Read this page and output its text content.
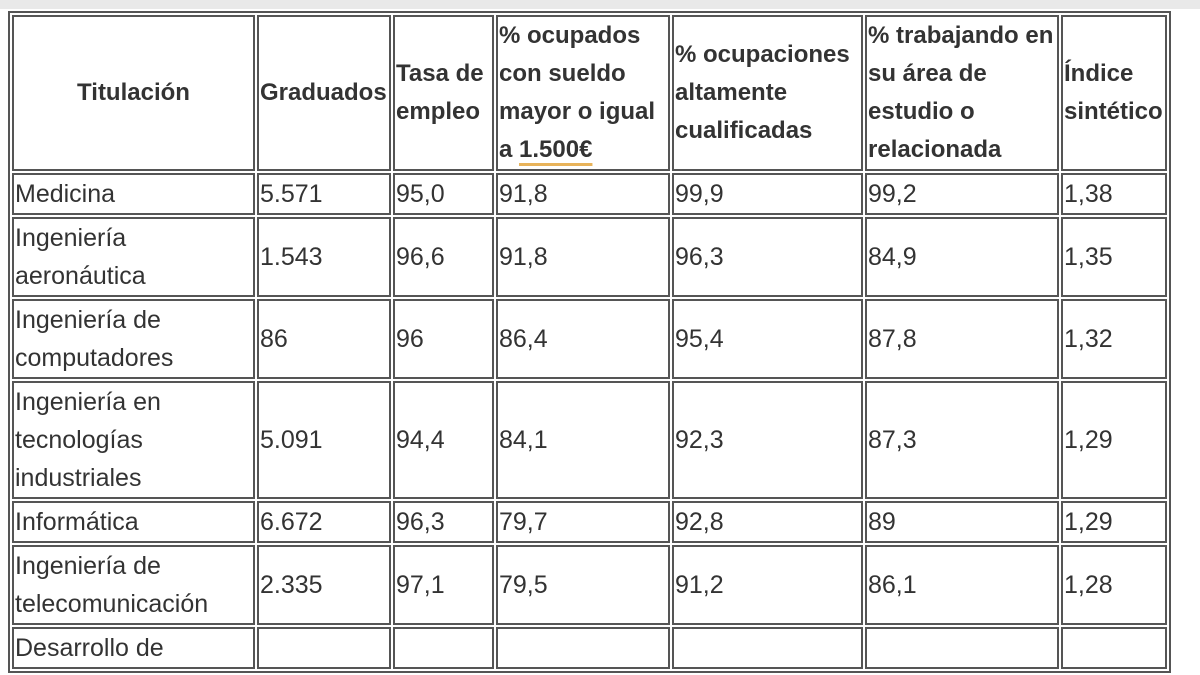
Titulación	Graduados	Tasa de empleo	% ocupados con sueldo mayor o igual a 1.500€	% ocupaciones altamente cualificadas	% trabajando en su área de estudio o relacionada	Índice sintético
Medicina	5.571	95,0	91,8	99,9	99,2	1,38
Ingeniería aeronáutica	1.543	96,6	91,8	96,3	84,9	1,35
Ingeniería de computadores	86	96	86,4	95,4	87,8	1,32
Ingeniería en tecnologías industriales	5.091	94,4	84,1	92,3	87,3	1,29
Informática	6.672	96,3	79,7	92,8	89	1,29
Ingeniería de telecomunicación	2.335	97,1	79,5	91,2	86,1	1,28
Desarrollo de						
